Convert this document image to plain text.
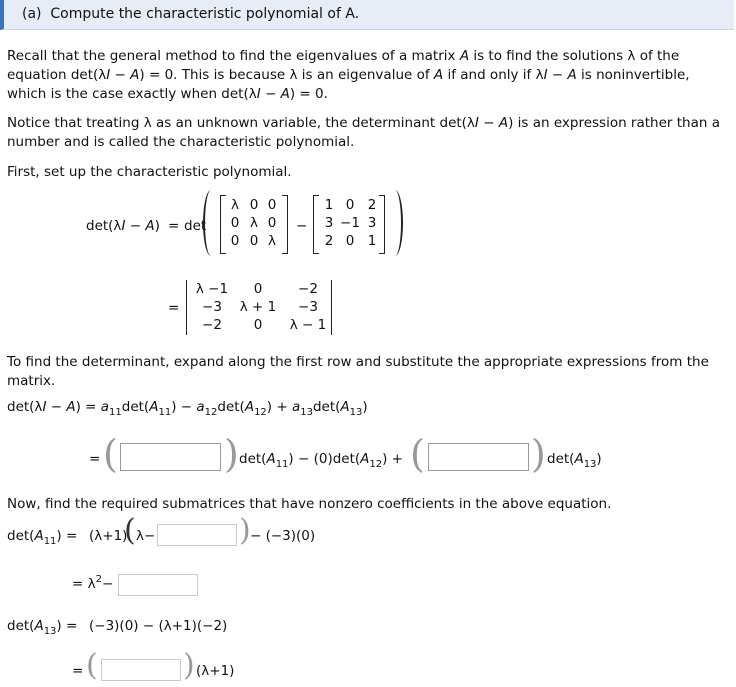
(a)  Compute the characteristic polynomial of A.
Recall that the general method to find the eigenvalues of a matrix A is to find the solutions λ of the equation det(λI − A) = 0. This is because λ is an eigenvalue of A if and only if λI − A is noninvertible, which is the case exactly when det(λI − A) = 0.
Notice that treating λ as an unknown variable, the determinant det(λI − A) is an expression rather than a number and is called the characteristic polynomial.
First, set up the characteristic polynomial.
det(λI − A) = det
λ 0 0
0 λ 0
0 0 λ
−
1 0 2
3 −1 3
2 0 1
=
λ −1	0	−2
−3	λ + 1	−3
−2	0	λ − 1
To find the determinant, expand along the first row and substitute the appropriate expressions from the matrix.
$\det(\lambda I - A) = a_{11}\det(A_{11}) - a_{12}\det(A_{12}) + a_{13}\det(A_{13})$
= (	) $\det(A_{11}) - (0)\det(A_{12})$ + (	) $\det(A_{13})$
Now, find the required submatrices that have nonzero coefficients in the above equation.
$\det(A_{11}) = (\lambda+1)$
( λ−	) − (−3)(0)
= $\lambda^2-$
$\det(A_{13}) = (-3)(0) - (\lambda+1)(-2)$
= (	) (λ+1)
